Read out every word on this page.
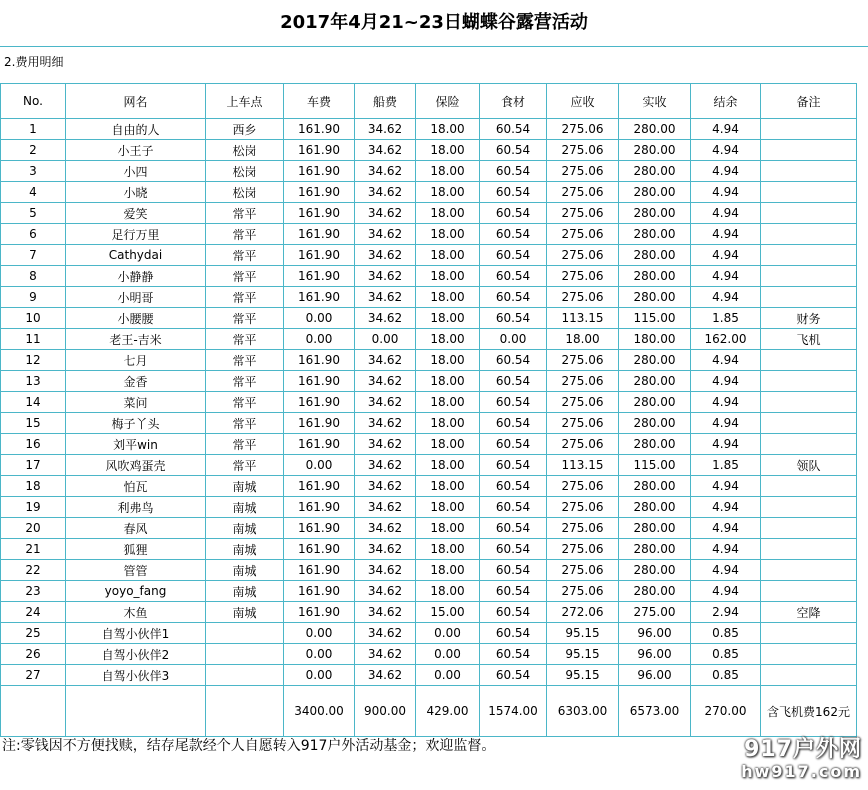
2017年4月21~23日蝴蝶谷露营活动
2.费用明细
No.	网名	上车点	车费	船费	保险	食材	应收	实收	结余	备注
1	自由的人	西乡	161.90	34.62	18.00	60.54	275.06	280.00	4.94	
2	小王子	松岗	161.90	34.62	18.00	60.54	275.06	280.00	4.94	
3	小四	松岗	161.90	34.62	18.00	60.54	275.06	280.00	4.94	
4	小晓	松岗	161.90	34.62	18.00	60.54	275.06	280.00	4.94	
5	爱笑	常平	161.90	34.62	18.00	60.54	275.06	280.00	4.94	
6	足行万里	常平	161.90	34.62	18.00	60.54	275.06	280.00	4.94	
7	Cathydai	常平	161.90	34.62	18.00	60.54	275.06	280.00	4.94	
8	小静静	常平	161.90	34.62	18.00	60.54	275.06	280.00	4.94	
9	小明哥	常平	161.90	34.62	18.00	60.54	275.06	280.00	4.94	
10	小腰腰	常平	0.00	34.62	18.00	60.54	113.15	115.00	1.85	财务
11	老王-吉米	常平	0.00	0.00	18.00	0.00	18.00	180.00	162.00	飞机
12	七月	常平	161.90	34.62	18.00	60.54	275.06	280.00	4.94	
13	金香	常平	161.90	34.62	18.00	60.54	275.06	280.00	4.94	
14	菜问	常平	161.90	34.62	18.00	60.54	275.06	280.00	4.94	
15	梅子丫头	常平	161.90	34.62	18.00	60.54	275.06	280.00	4.94	
16	刘平win	常平	161.90	34.62	18.00	60.54	275.06	280.00	4.94	
17	风吹鸡蛋壳	常平	0.00	34.62	18.00	60.54	113.15	115.00	1.85	领队
18	怕瓦	南城	161.90	34.62	18.00	60.54	275.06	280.00	4.94	
19	利弗鸟	南城	161.90	34.62	18.00	60.54	275.06	280.00	4.94	
20	春风	南城	161.90	34.62	18.00	60.54	275.06	280.00	4.94	
21	狐狸	南城	161.90	34.62	18.00	60.54	275.06	280.00	4.94	
22	管管	南城	161.90	34.62	18.00	60.54	275.06	280.00	4.94	
23	yoyo_fang	南城	161.90	34.62	18.00	60.54	275.06	280.00	4.94	
24	木鱼	南城	161.90	34.62	15.00	60.54	272.06	275.00	2.94	空降
25	自驾小伙伴1		0.00	34.62	0.00	60.54	95.15	96.00	0.85	
26	自驾小伙伴2		0.00	34.62	0.00	60.54	95.15	96.00	0.85	
27	自驾小伙伴3		0.00	34.62	0.00	60.54	95.15	96.00	0.85	
			3400.00	900.00	429.00	1574.00	6303.00	6573.00	270.00	含飞机费162元
注:零钱因不方便找赎，结存尾款经个人自愿转入917户外活动基金；欢迎监督。	917户外网
hw917.com
